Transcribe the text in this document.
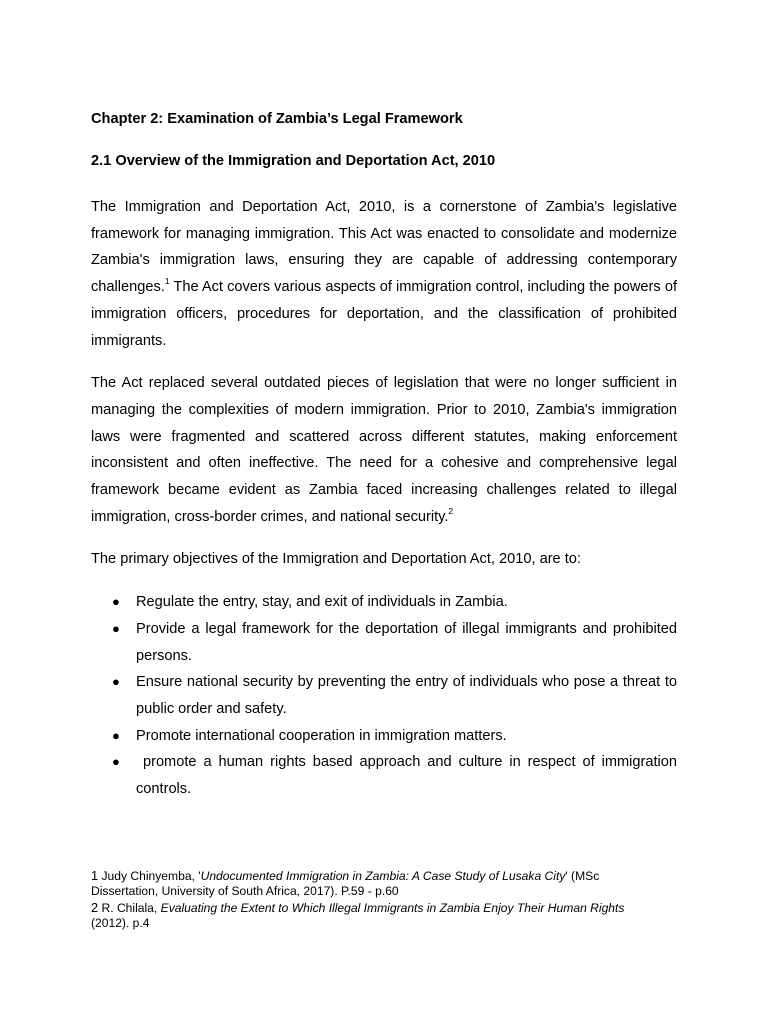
Chapter 2: Examination of Zambia’s Legal Framework
2.1 Overview of the Immigration and Deportation Act, 2010

The Immigration and Deportation Act, 2010, is a cornerstone of Zambia's legislative framework for managing immigration. This Act was enacted to consolidate and modernize Zambia's immigration laws, ensuring they are capable of addressing contemporary challenges.$^1$ The Act covers various aspects of immigration control, including the powers of immigration officers, procedures for deportation, and the classification of prohibited immigrants.

The Act replaced several outdated pieces of legislation that were no longer sufficient in managing the complexities of modern immigration. Prior to 2010, Zambia's immigration laws were fragmented and scattered across different statutes, making enforcement inconsistent and often ineffective. The need for a cohesive and comprehensive legal framework became evident as Zambia faced increasing challenges related to illegal immigration, cross-border crimes, and national security.$^2$

The primary objectives of the Immigration and Deportation Act, 2010, are to:

● Regulate the entry, stay, and exit of individuals in Zambia.
● Provide a legal framework for the deportation of illegal immigrants and prohibited persons.
● Ensure national security by preventing the entry of individuals who pose a threat to public order and safety.
● Promote international cooperation in immigration matters.
● promote a human rights based approach and culture in respect of immigration controls.
1 Judy Chinyemba, 'Undocumented Immigration in Zambia: A Case Study of Lusaka City' (MSc Dissertation, University of South Africa, 2017). P.59 - p.60
2 R. Chilala, Evaluating the Extent to Which Illegal Immigrants in Zambia Enjoy Their Human Rights (2012). p.4
